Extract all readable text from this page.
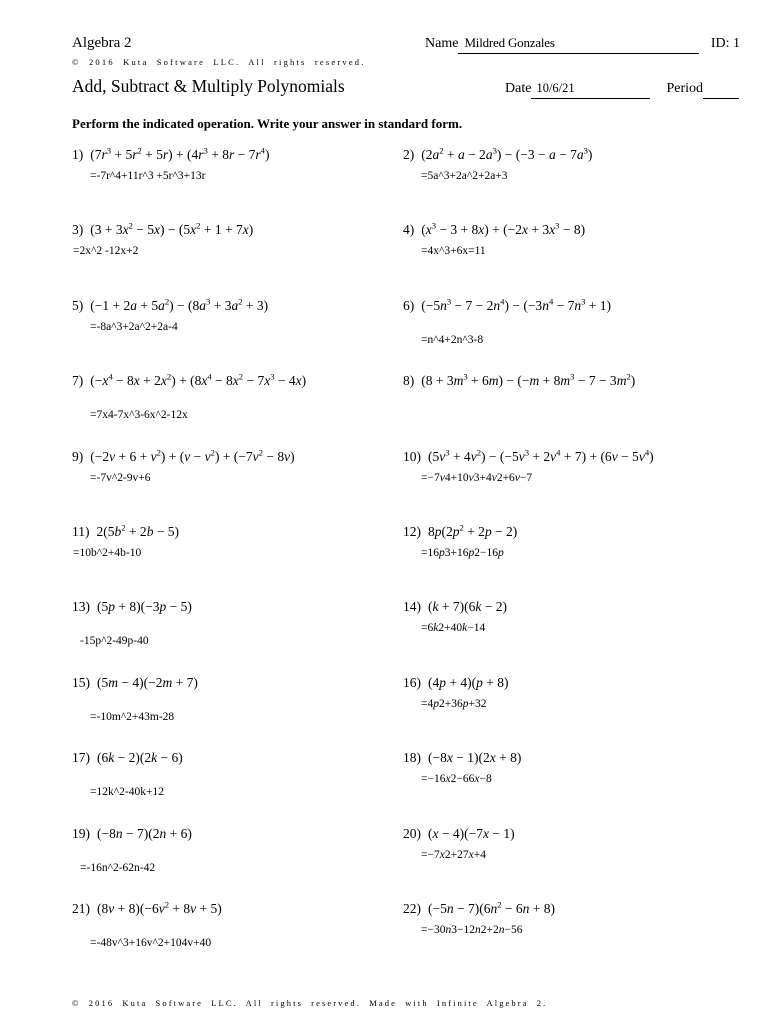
Algebra 2	Name Mildred Gonzales	ID: 1
© 2016 Kuta Software LLC. All rights reserved.
Add, Subtract & Multiply Polynomials	Date 10/6/21	Period

Perform the indicated operation. Write your answer in standard form.

1) $(7r^3 + 5r^2 + 5r) + (4r^3 + 8r - 7r^4)$
=-7r^4+11r^3 +5r^3+13r
2) $(2a^2 + a - 2a^3) - (-3 - a - 7a^3)$
=5a^3+2a^2+2a+3
3) $(3 + 3x^2 - 5x) - (5x^2 + 1 + 7x)$
=2x^2 -12x+2
4) $(x^3 - 3 + 8x) + (-2x + 3x^3 - 8)$
=4x^3+6x=11
5) $(-1 + 2a + 5a^2) - (8a^3 + 3a^2 + 3)$
=-8a^3+2a^2+2a-4
6) $(-5n^3 - 7 - 2n^4) - (-3n^4 - 7n^3 + 1)$
=n^4+2n^3-8
7) $(-x^4 - 8x + 2x^2) + (8x^4 - 8x^2 - 7x^3 - 4x)$
=7x4-7x^3-6x^2-12x
8) $(8 + 3m^3 + 6m) - (-m + 8m^3 - 7 - 3m^2)$
9) $(-2v + 6 + v^2) + (v - v^2) + (-7v^2 - 8v)$
=-7v^2-9v+6
10) $(5v^3 + 4v^2) - (-5v^3 + 2v^4 + 7) + (6v - 5v^4)$
=−7v4+10v3+4v2+6v−7
11) $2(5b^2 + 2b - 5)$
=10b^2+4b-10
12) $8p(2p^2 + 2p - 2)$
=16p3+16p2−16p
13) (5p + 8)(−3p − 5)
-15p^2-49p-40
14) (k + 7)(6k − 2)
=6k2+40k−14
15) (5m − 4)(−2m + 7)
=-10m^2+43m-28
16) (4p + 4)(p + 8)
=4p2+36p+32
17) (6k − 2)(2k − 6)
=12k^2-40k+12
18) (−8x − 1)(2x + 8)
=−16x2−66x−8
19) (−8n − 7)(2n + 6)
=-16n^2-62n-42
20) (x − 4)(−7x − 1)
=−7x2+27x+4
21) $(8v + 8)(-6v^2 + 8v + 5)$
=-48v^3+16v^2+104v+40
22) $(-5n - 7)(6n^2 - 6n + 8)$
=−30n3−12n2+2n−56
© 2016 Kuta Software LLC. All rights reserved. Made with Infinite Algebra 2.
